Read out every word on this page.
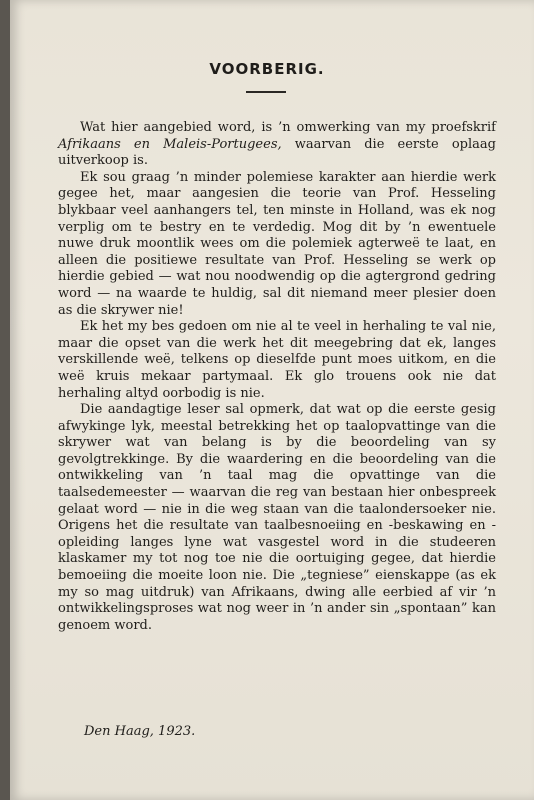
VOORBERIG.

Wat hier aangebied word, is ’n omwerking van my proefskrif Afrikaans en Maleis-Portugees, waarvan die eerste oplaag uitverkoop is.

Ek sou graag ’n minder polemiese karakter aan hierdie werk gegee het, maar aangesien die teorie van Prof. Hesseling blykbaar veel aanhangers tel, ten minste in Holland, was ek nog verplig om te bestry en te verdedig. Mog dit by ’n ewentuele nuwe druk moontlik wees om die polemiek agterweë te laat, en alleen die positiewe resultate van Prof. Hesseling se werk op hierdie gebied — wat nou noodwendig op die agtergrond gedring word — na waarde te huldig, sal dit niemand meer plesier doen as die skrywer nie!

Ek het my bes gedoen om nie al te veel in herhaling te val nie, maar die opset van die werk het dit meegebring dat ek, langes verskillende weë, telkens op dieselfde punt moes uitkom, en die weë kruis mekaar partymaal. Ek glo trouens ook nie dat herhaling altyd oorbodig is nie.

Die aandagtige leser sal opmerk, dat wat op die eerste gesig afwykinge lyk, meestal betrekking het op taalopvattinge van die skrywer wat van belang is by die beoordeling van sy gevolgtrekkinge. By die waardering en die beoordeling van die ontwikkeling van ’n taal mag die opvattinge van die taalsedemeester — waarvan die reg van bestaan hier onbespreek gelaat word — nie in die weg staan van die taalondersoeker nie. Origens het die resultate van taalbesnoeiing en -beskawing en -opleiding langes lyne wat vasgestel word in die studeeren klaskamer my tot nog toe nie die oortuiging gegee, dat hierdie bemoeiing die moeite loon nie. Die „tegniese” eienskappe (as ek my so mag uitdruk) van Afrikaans, dwing alle eerbied af vir ’n ontwikkelingsproses wat nog weer in ’n ander sin „spontaan” kan genoem word.

Den Haag, 1923.
